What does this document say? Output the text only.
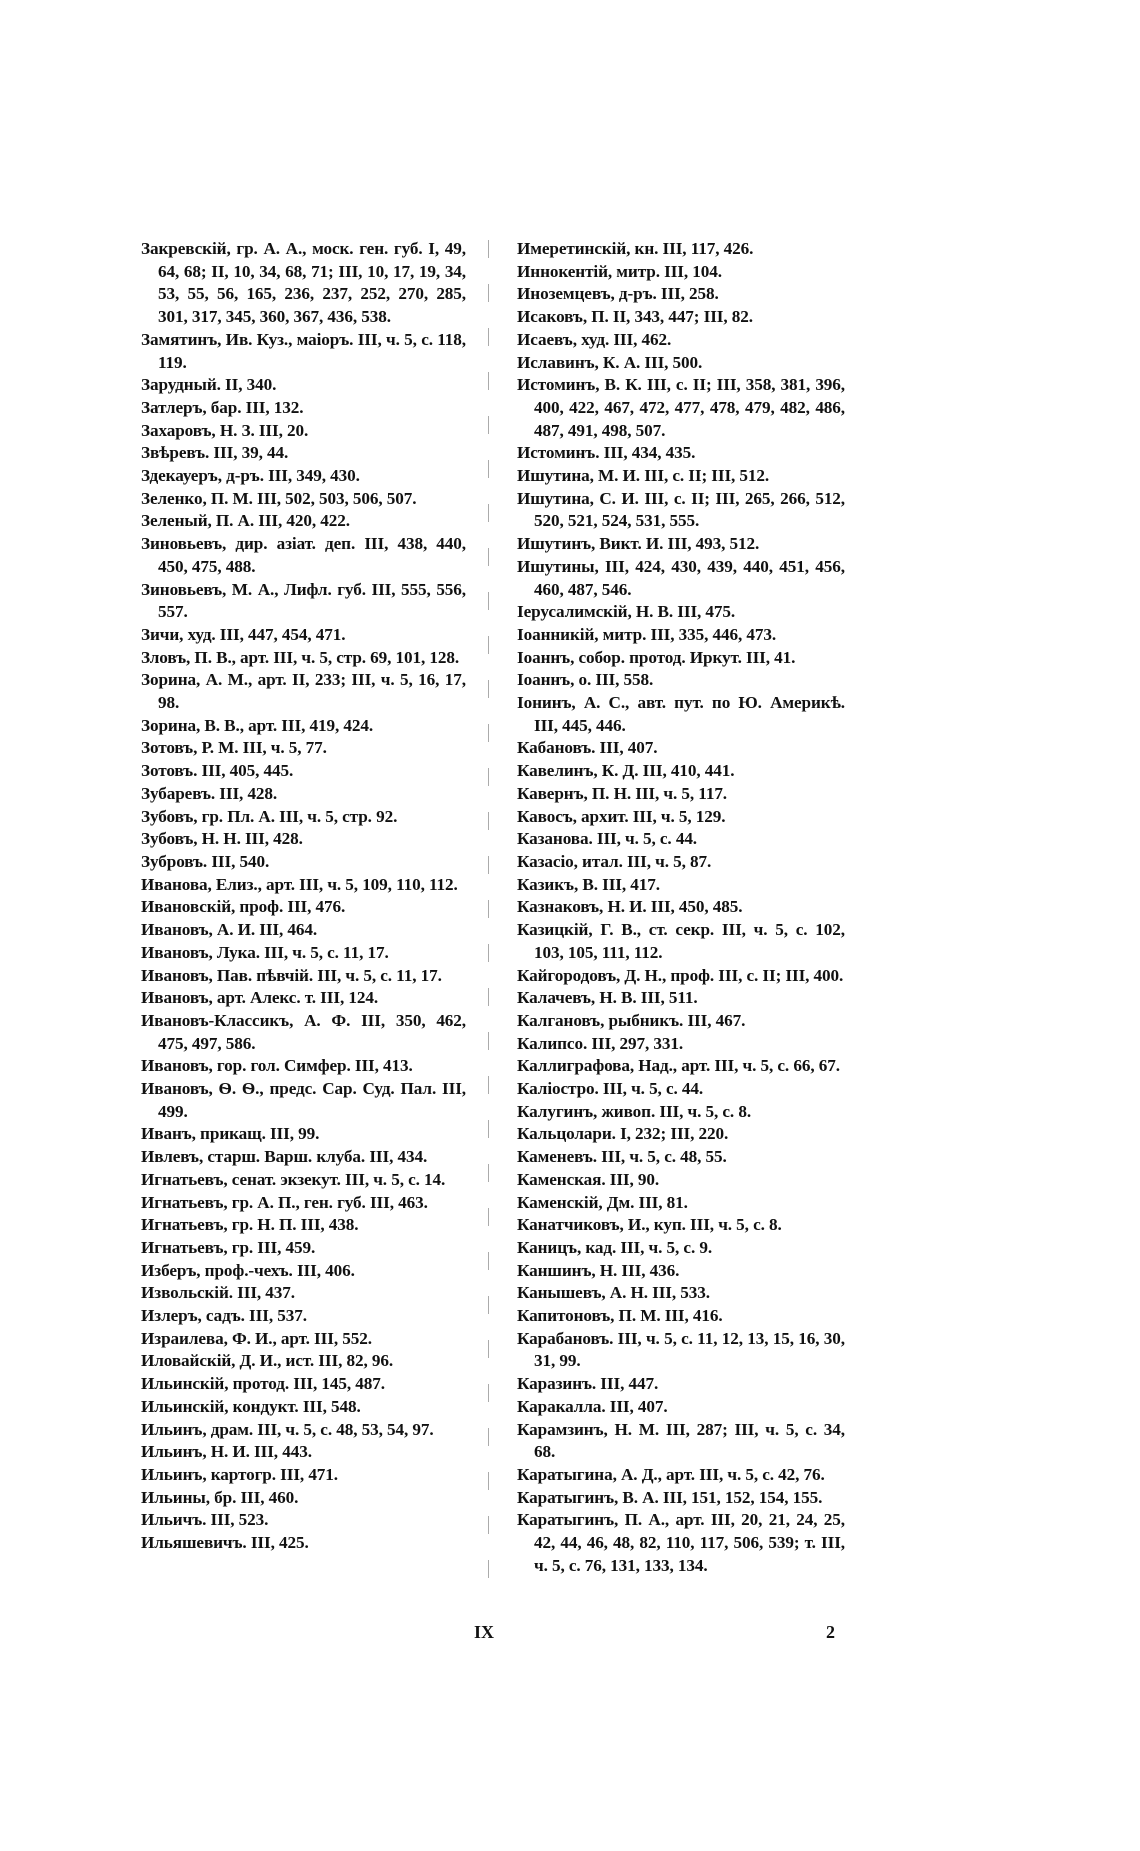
Закревскій, гр. А. А., моск. ген. губ. I, 49, 64, 68; II, 10, 34, 68, 71; III, 10, 17, 19, 34, 53, 55, 56, 165, 236, 237, 252, 270, 285, 301, 317, 345, 360, 367, 436, 538.
Замятинъ, Ив. Куз., маіоръ. III, ч. 5, с. 118, 119.
Зарудный. II, 340.
Затлеръ, бар. III, 132.
Захаровъ, Н. З. III, 20.
Звѣревъ. III, 39, 44.
Здекауеръ, д-ръ. III, 349, 430.
Зеленко, П. М. III, 502, 503, 506, 507.
Зеленый, П. А. III, 420, 422.
Зиновьевъ, дир. азіат. деп. III, 438, 440, 450, 475, 488.
Зиновьевъ, М. А., Лифл. губ. III, 555, 556, 557.
Зичи, худ. III, 447, 454, 471.
Зловъ, П. В., арт. III, ч. 5, стр. 69, 101, 128.
Зорина, А. М., арт. II, 233; III, ч. 5, 16, 17, 98.
Зорина, В. В., арт. III, 419, 424.
Зотовъ, Р. М. III, ч. 5, 77.
Зотовъ. III, 405, 445.
Зубаревъ. III, 428.
Зубовъ, гр. Пл. А. III, ч. 5, стр. 92.
Зубовъ, Н. Н. III, 428.
Зубровъ. III, 540.
Иванова, Елиз., арт. III, ч. 5, 109, 110, 112.
Ивановскій, проф. III, 476.
Ивановъ, А. И. III, 464.
Ивановъ, Лука. III, ч. 5, с. 11, 17.
Ивановъ, Пав. пѣвчій. III, ч. 5, с. 11, 17.
Ивановъ, арт. Алекс. т. III, 124.
Ивановъ-Классикъ, А. Ф. III, 350, 462, 475, 497, 586.
Ивановъ, гор. гол. Симфер. III, 413.
Ивановъ, Ѳ. Ѳ., предс. Сар. Суд. Пал. III, 499.
Иванъ, прикащ. III, 99.
Ивлевъ, старш. Варш. клуба. III, 434.
Игнатьевъ, сенат. экзекут. III, ч. 5, с. 14.
Игнатьевъ, гр. А. П., ген. губ. III, 463.
Игнатьевъ, гр. Н. П. III, 438.
Игнатьевъ, гр. III, 459.
Изберъ, проф.-чехъ. III, 406.
Извольскій. III, 437.
Излеръ, садъ. III, 537.
Израилева, Ф. И., арт. III, 552.
Иловайскій, Д. И., ист. III, 82, 96.
Ильинскій, протод. III, 145, 487.
Ильинскій, кондукт. III, 548.
Ильинъ, драм. III, ч. 5, с. 48, 53, 54, 97.
Ильинъ, Н. И. III, 443.
Ильинъ, картогр. III, 471.
Ильины, бр. III, 460.
Ильичъ. III, 523.
Ильяшевичъ. III, 425.
Имеретинскій, кн. III, 117, 426.
Иннокентій, митр. III, 104.
Иноземцевъ, д-ръ. III, 258.
Исаковъ, П. II, 343, 447; III, 82.
Исаевъ, худ. III, 462.
Иславинъ, К. А. III, 500.
Истоминъ, В. К. III, с. II; III, 358, 381, 396, 400, 422, 467, 472, 477, 478, 479, 482, 486, 487, 491, 498, 507.
Истоминъ. III, 434, 435.
Ишутина, М. И. III, с. II; III, 512.
Ишутина, С. И. III, с. II; III, 265, 266, 512, 520, 521, 524, 531, 555.
Ишутинъ, Викт. И. III, 493, 512.
Ишутины, III, 424, 430, 439, 440, 451, 456, 460, 487, 546.
Іерусалимскій, Н. В. III, 475.
Іоанникій, митр. III, 335, 446, 473.
Іоаннъ, собор. протод. Иркут. III, 41.
Іоаннъ, о. III, 558.
Іонинъ, А. С., авт. пут. по Ю. Америкѣ. III, 445, 446.
Кабановъ. III, 407.
Кавелинъ, К. Д. III, 410, 441.
Кавернъ, П. Н. III, ч. 5, 117.
Кавосъ, архит. III, ч. 5, 129.
Казанова. III, ч. 5, с. 44.
Казасіо, итал. III, ч. 5, 87.
Казикъ, В. III, 417.
Казнаковъ, Н. И. III, 450, 485.
Казицкій, Г. В., ст. секр. III, ч. 5, с. 102, 103, 105, 111, 112.
Кайгородовъ, Д. Н., проф. III, с. II; III, 400.
Калачевъ, Н. В. III, 511.
Калгановъ, рыбникъ. III, 467.
Калипсо. III, 297, 331.
Каллиграфова, Над., арт. III, ч. 5, с. 66, 67.
Каліостро. III, ч. 5, с. 44.
Калугинъ, живоп. III, ч. 5, с. 8.
Кальцолари. I, 232; III, 220.
Каменевъ. III, ч. 5, с. 48, 55.
Каменская. III, 90.
Каменскій, Дм. III, 81.
Канатчиковъ, И., куп. III, ч. 5, с. 8.
Каницъ, кад. III, ч. 5, с. 9.
Каншинъ, Н. III, 436.
Канышевъ, А. Н. III, 533.
Капитоновъ, П. М. III, 416.
Карабановъ. III, ч. 5, с. 11, 12, 13, 15, 16, 30, 31, 99.
Каразинъ. III, 447.
Каракалла. III, 407.
Карамзинъ, Н. М. III, 287; III, ч. 5, с. 34, 68.
Каратыгина, А. Д., арт. III, ч. 5, с. 42, 76.
Каратыгинъ, В. А. III, 151, 152, 154, 155.
Каратыгинъ, П. А., арт. III, 20, 21, 24, 25, 42, 44, 46, 48, 82, 110, 117, 506, 539; т. III, ч. 5, с. 76, 131, 133, 134.
IX	2
